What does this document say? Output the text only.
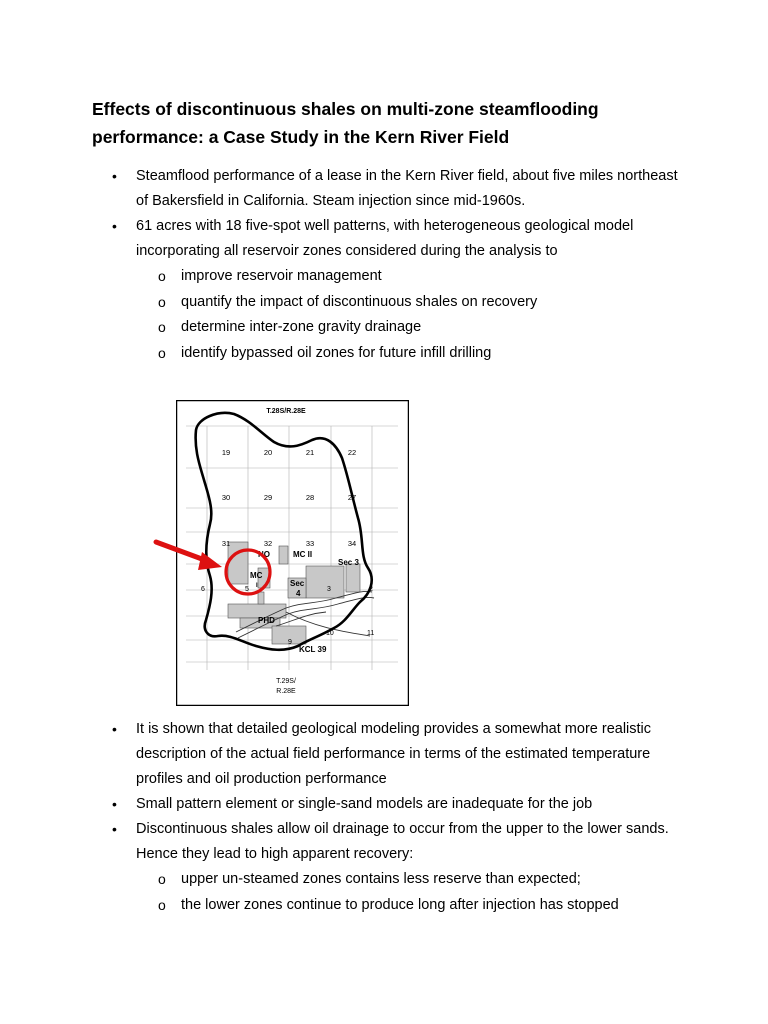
Effects of discontinuous shales on multi-zone steamflooding performance: a Case Study in the Kern River Field
•	Steamflood performance of a lease in the Kern River field, about five miles northeast of Bakersfield in California. Steam injection since mid-1960s.
•	61 acres with 18 five-spot well patterns, with heterogeneous geological model incorporating all reservoir zones considered during the analysis to
o improve reservoir management
o quantify the impact of discontinuous shales on recovery
o determine inter-zone gravity drainage
o identify bypassed oil zones for future infill drilling
T.28S/R.28E
T.29S/
R.28E
19	20	21	22
30	29	28	27
31	32	33	34
NO	MC II
Sec 3
MC
I	Sec
4
PHD
KCL 39
6	5	3	2
10	11
9
•	It is shown that detailed geological modeling provides a somewhat more realistic description of the actual field performance in terms of the estimated temperature profiles and oil production performance
•	Small pattern element or single-sand models are inadequate for the job
•	Discontinuous shales allow oil drainage to occur from the upper to the lower sands. Hence they lead to high apparent recovery:
o upper un-steamed zones contains less reserve than expected;
o the lower zones continue to produce long after injection has stopped
